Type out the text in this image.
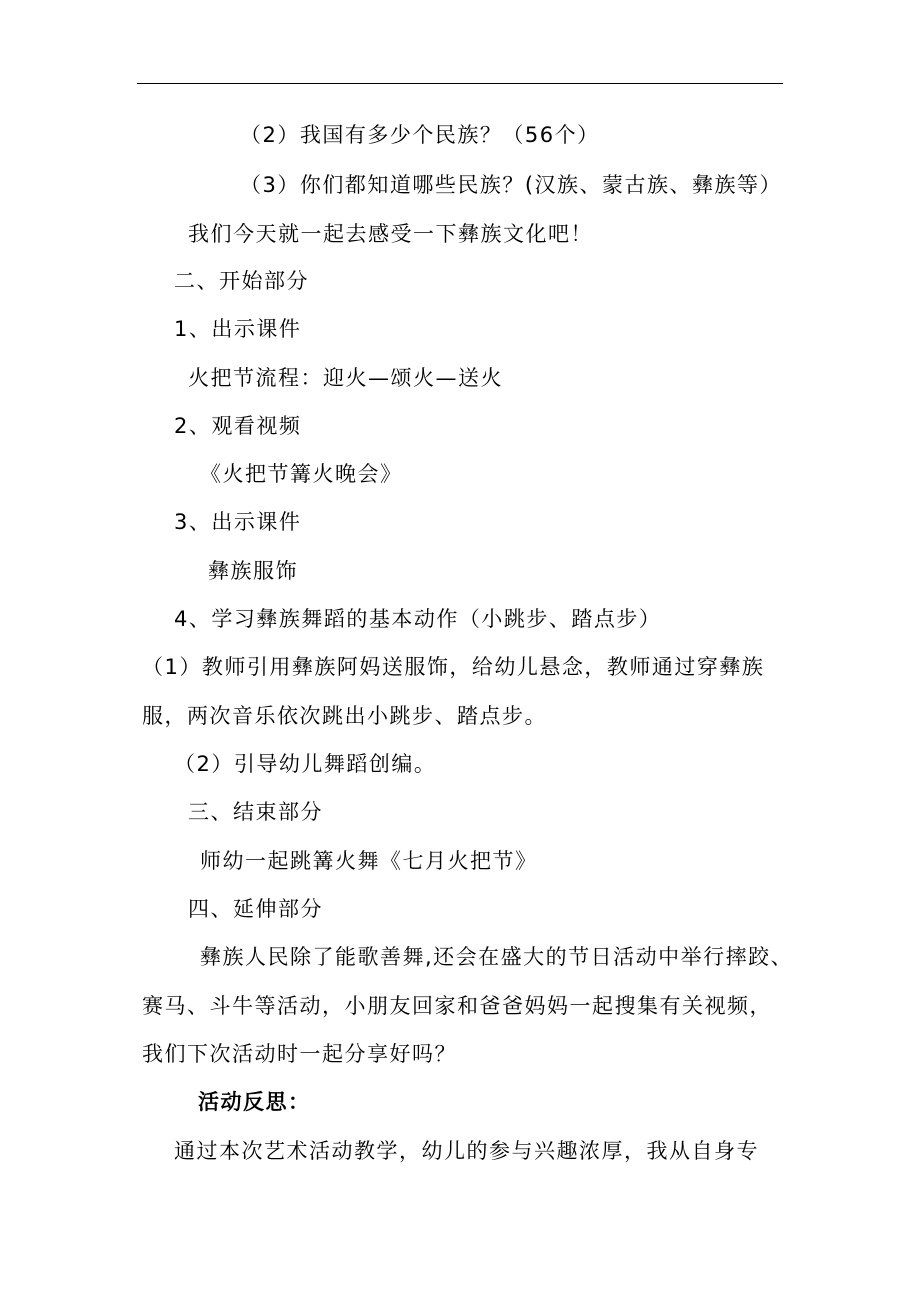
（2）我国有多少个民族？（56个）
（3）你们都知道哪些民族？(汉族、蒙古族、彝族等）
我们今天就一起去感受一下彝族文化吧！
二、开始部分
1、出示课件
火把节流程：迎火—颂火—送火
2、观看视频
《火把节篝火晚会》
3、出示课件
彝族服饰
4、学习彝族舞蹈的基本动作（小跳步、踏点步）
（1）教师引用彝族阿妈送服饰，给幼儿悬念，教师通过穿彝族
服，两次音乐依次跳出小跳步、踏点步。
（2）引导幼儿舞蹈创编。
三、结束部分
师幼一起跳篝火舞《七月火把节》
四、延伸部分
彝族人民除了能歌善舞,还会在盛大的节日活动中举行摔跤、
赛马、斗牛等活动，小朋友回家和爸爸妈妈一起搜集有关视频，
我们下次活动时一起分享好吗？
活动反思：
通过本次艺术活动教学，幼儿的参与兴趣浓厚，我从自身专
